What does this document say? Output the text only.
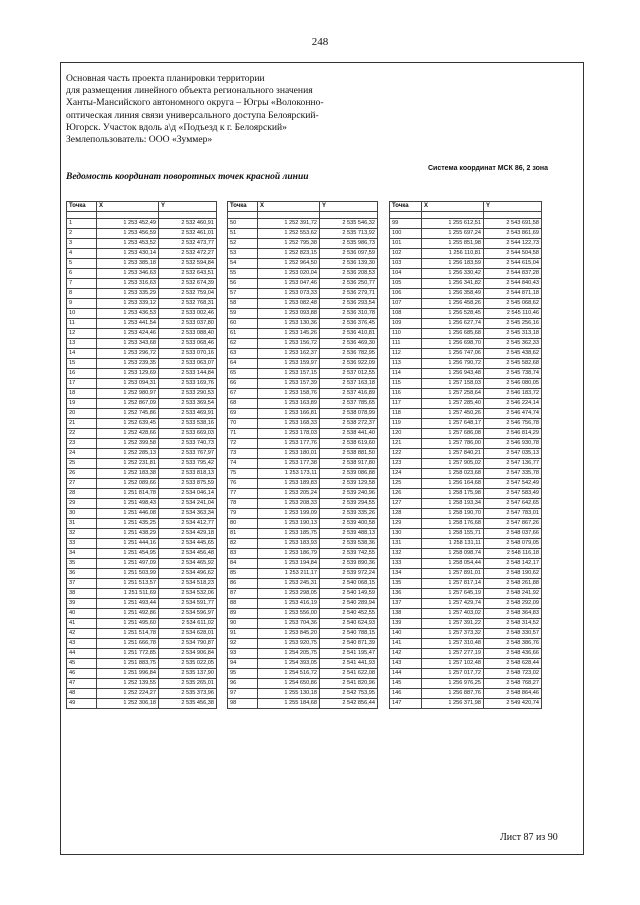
248
Основная часть проекта планировки территории
для размещения линейного объекта регионального значения
Ханты-Мансийского автономного округа – Югры «Волоконно-
оптическая линия связи универсального доступа Белоярский-
Югорск. Участок вдоль а\д «Подъезд к г. Белоярский»
Землепользователь: ООО «Зуммер»
Система координат МСК 86, 2 зона
Ведомость координат поворотных точек красной линии
Точка	X	Y

1	1 253 452,49	2 532 460,91
2	1 253 456,59	2 532 461,01
3	1 253 453,52	2 532 473,77
4	1 253 430,14	2 532 472,27
5	1 253 385,18	2 532 594,84
6	1 253 346,63	2 532 643,51
7	1 253 316,63	2 532 674,39
8	1 253 335,29	2 532 759,04
9	1 253 339,12	2 532 768,31
10	1 253 436,53	2 533 002,46
11	1 253 441,54	2 533 037,80
12	1 253 424,46	2 533 088,40
13	1 253 343,68	2 533 068,46
14	1 253 296,72	2 533 070,16
15	1 253 239,35	2 533 063,07
16	1 253 129,69	2 533 144,84
17	1 253 094,31	2 533 169,76
18	1 252 980,97	2 533 290,53
19	1 252 867,09	2 533 369,54
20	1 252 745,86	2 533 469,91
21	1 252 639,45	2 533 538,16
22	1 252 428,66	2 533 669,03
23	1 252 399,58	2 533 740,73
24	1 252 285,13	2 533 767,97
25	1 252 231,81	2 533 795,42
26	1 252 183,38	2 533 818,13
27	1 252 089,66	2 533 875,59
28	1 251 814,78	2 534 046,14
29	1 251 498,43	2 534 241,04
30	1 251 446,08	2 534 363,34
31	1 251 435,25	2 534 412,77
32	1 251 438,29	2 534 429,18
33	1 251 444,16	2 534 445,65
34	1 251 454,95	2 534 456,48
35	1 251 497,09	2 534 465,92
36	1 251 503,99	2 534 496,62
37	1 251 513,57	2 534 518,23
38	1 251 511,69	2 534 532,06
39	1 251 493,44	2 534 591,77
40	1 251 492,86	2 534 596,97
41	1 251 495,60	2 534 611,02
42	1 251 514,78	2 534 628,01
43	1 251 666,78	2 534 790,87
44	1 251 772,85	2 534 906,84
45	1 251 883,75	2 535 022,05
46	1 251 996,84	2 535 137,90
47	1 252 139,55	2 535 265,01
48	1 252 224,27	2 535 373,96
49	1 252 306,18	2 535 456,38
Точка	X	Y

50	1 252 391,72	2 535 546,32
51	1 252 553,62	2 535 713,92
52	1 252 795,38	2 535 986,73
53	1 252 823,15	2 536 097,59
54	1 252 964,50	2 536 139,30
55	1 253 020,04	2 536 208,53
56	1 253 047,46	2 536 250,77
57	1 253 073,33	2 536 279,71
58	1 253 082,48	2 536 293,54
59	1 253 093,88	2 536 310,78
60	1 253 130,36	2 536 376,45
61	1 253 145,26	2 536 410,81
62	1 253 156,72	2 536 469,30
63	1 253 162,37	2 536 782,95
64	1 253 159,97	2 536 922,09
65	1 253 157,15	2 537 012,55
66	1 253 157,39	2 537 163,18
67	1 253 158,76	2 537 416,89
68	1 253 163,89	2 537 785,65
69	1 253 166,81	2 538 078,99
70	1 253 168,33	2 538 272,37
71	1 253 178,03	2 538 441,40
72	1 253 177,76	2 538 619,60
73	1 253 180,01	2 538 881,50
74	1 253 177,38	2 538 917,80
75	1 253 173,11	2 539 086,88
76	1 253 189,83	2 539 129,58
77	1 253 205,24	2 539 240,96
78	1 253 208,33	2 539 294,55
79	1 253 199,09	2 539 335,26
80	1 253 190,13	2 539 400,58
81	1 253 185,75	2 539 488,13
82	1 253 183,93	2 539 538,36
83	1 253 186,79	2 539 742,55
84	1 253 194,84	2 539 890,36
85	1 253 211,17	2 539 972,24
86	1 253 245,31	2 540 068,15
87	1 253 298,05	2 540 149,59
88	1 253 416,19	2 540 289,94
89	1 253 556,00	2 540 452,55
90	1 253 704,36	2 540 624,93
91	1 253 845,20	2 540 788,15
92	1 253 920,75	2 540 871,39
93	1 254 205,75	2 541 195,47
94	1 254 393,05	2 541 441,93
95	1 254 516,72	2 541 622,08
96	1 254 650,86	2 541 820,96
97	1 255 130,18	2 542 753,95
98	1 255 184,68	2 542 856,44
Точка	X	Y

99	1 255 612,51	2 543 691,58
100	1 255 697,24	2 543 861,69
101	1 255 851,98	2 544 122,73
102	1 256 110,81	2 544 504,58
103	1 256 183,59	2 544 615,04
104	1 256 330,42	2 544 837,28
105	1 256 341,82	2 544 840,43
106	1 256 358,49	2 544 871,18
107	1 256 458,26	2 545 068,62
108	1 256 528,45	2 545 110,46
109	1 256 627,74	2 545 256,16
110	1 256 685,68	2 545 313,18
111	1 256 698,70	2 545 362,33
112	1 256 747,06	2 545 438,62
113	1 256 790,72	2 545 582,68
114	1 256 943,48	2 545 738,74
115	1 257 158,03	2 546 080,05
116	1 257 258,64	2 546 183,72
117	1 257 285,40	2 546 224,14
118	1 257 450,26	2 546 474,74
119	1 257 648,17	2 546 756,78
120	1 257 686,08	2 546 814,29
121	1 257 786,00	2 546 930,78
122	1 257 840,21	2 547 035,13
123	1 257 905,02	2 547 136,77
124	1 258 023,68	2 547 335,78
125	1 256 164,68	2 547 542,49
126	1 258 175,98	2 547 583,49
127	1 258 193,34	2 547 642,65
128	1 258 190,70	2 547 783,01
129	1 258 176,68	2 547 867,26
130	1 258 155,71	2 548 037,66
131	1 258 131,11	2 548 079,05
132	1 258 098,74	2 548 116,18
133	1 258 054,44	2 548 142,17
134	1 257 891,01	2 548 190,62
135	1 257 817,14	2 548 261,88
136	1 257 645,19	2 548 241,92
137	1 257 429,74	2 548 292,09
138	1 257 403,02	2 548 364,83
139	1 257 391,22	2 548 314,52
140	1 257 373,32	2 548 330,57
141	1 257 310,48	2 548 386,76
142	1 257 277,19	2 548 436,66
143	1 257 102,48	2 548 628,44
144	1 257 017,72	2 548 723,02
145	1 256 976,25	2 548 768,27
146	1 256 887,76	2 548 864,46
147	1 256 371,98	2 549 420,74
Лист 87 из 90
